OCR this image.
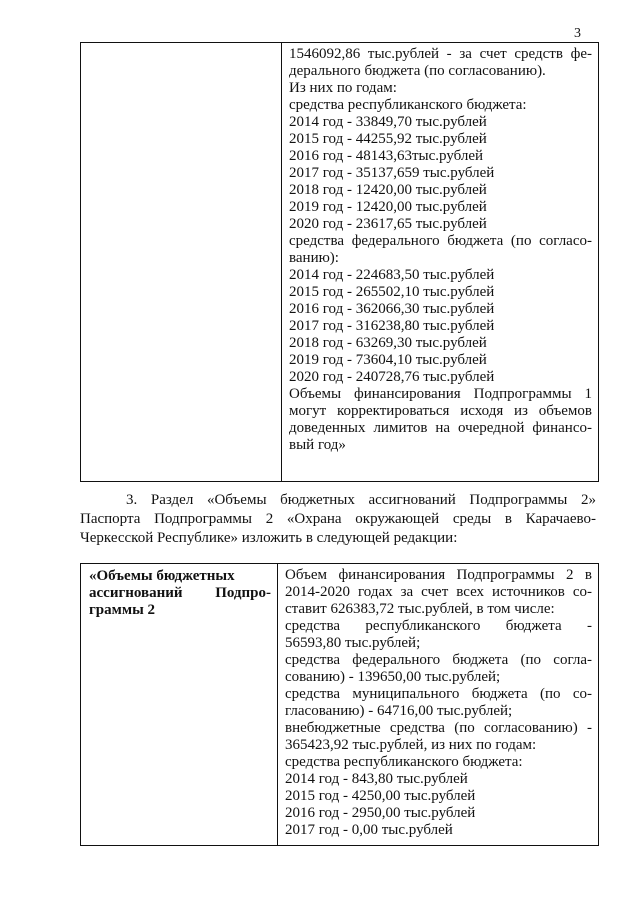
3

1546092,86 тыс.рублей - за счет средств фе-
дерального бюджета (по согласованию).
Из них по годам:
средства республиканского бюджета:
2014 год - 33849,70 тыс.рублей
2015 год - 44255,92 тыс.рублей
2016 год - 48143,63тыс.рублей
2017 год - 35137,659 тыс.рублей
2018 год - 12420,00 тыс.рублей
2019 год - 12420,00 тыс.рублей
2020 год - 23617,65 тыс.рублей
средства федерального бюджета (по согласо-
ванию):
2014 год - 224683,50 тыс.рублей
2015 год - 265502,10 тыс.рублей
2016 год - 362066,30 тыс.рублей
2017 год - 316238,80 тыс.рублей
2018 год - 63269,30 тыс.рублей
2019 год - 73604,10 тыс.рублей
2020 год - 240728,76 тыс.рублей
Объемы финансирования Подпрограммы 1
могут корректироваться исходя из объемов
доведенных лимитов на очередной финансо-
вый год»
3. Раздел «Объемы бюджетных ассигнований Подпрограммы 2»
Паспорта Подпрограммы 2 «Охрана окружающей среды в Карачаево-
Черкесской Республике» изложить в следующей редакции:
«Объемы бюджетных
ассигнований Подпро-
граммы 2

Объем финансирования Подпрограммы 2 в
2014-2020 годах за счет всех источников со-
ставит 626383,72 тыс.рублей, в том числе:
средства республиканского бюджета -
56593,80 тыс.рублей;
средства федерального бюджета (по согла-
сованию) - 139650,00 тыс.рублей;
средства муниципального бюджета (по со-
гласованию) - 64716,00 тыс.рублей;
внебюджетные средства (по согласованию) -
365423,92 тыс.рублей, из них по годам:
средства республиканского бюджета:
2014 год - 843,80 тыс.рублей
2015 год - 4250,00 тыс.рублей
2016 год - 2950,00 тыс.рублей
2017 год - 0,00 тыс.рублей
